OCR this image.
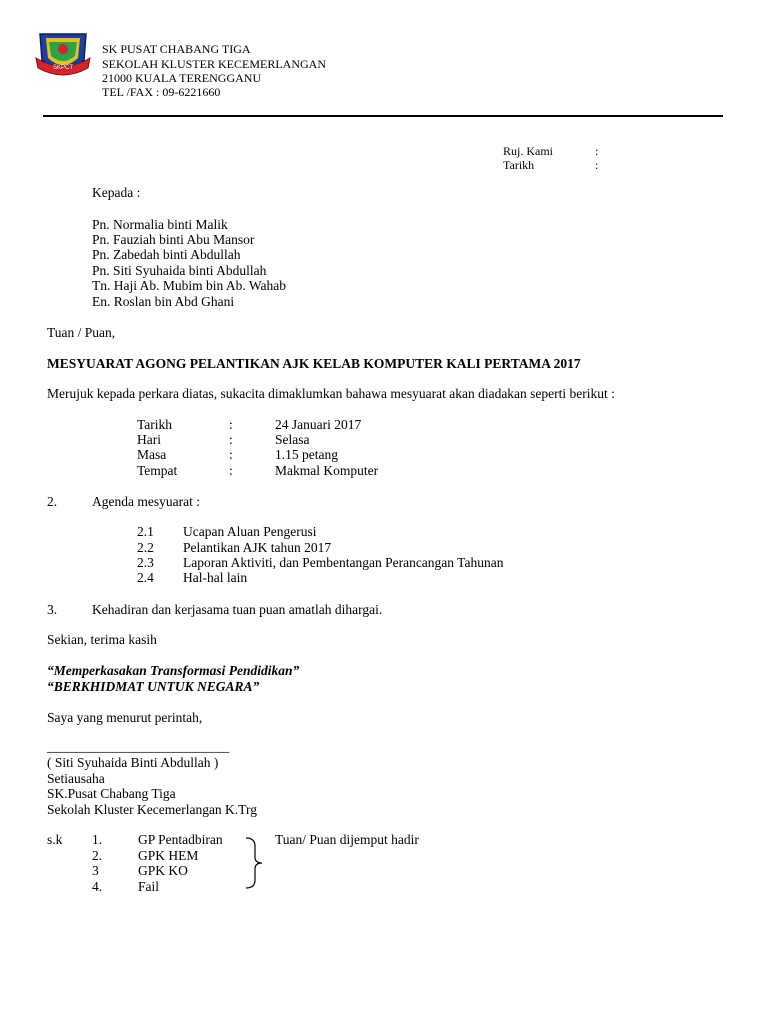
SKPCT
SK PUSAT CHABANG TIGA
SEKOLAH KLUSTER KECEMERLANGAN
21000 KUALA TERENGGANU
TEL /FAX : 09-6221660
Ruj. Kami	:
Tarikh	:
Kepada :
Pn. Normalia binti Malik
Pn. Fauziah binti Abu Mansor
Pn. Zabedah binti Abdullah
Pn. Siti Syuhaida binti Abdullah
Tn. Haji Ab. Mubim bin Ab. Wahab
En. Roslan bin Abd Ghani
Tuan / Puan,
MESYUARAT AGONG PELANTIKAN AJK KELAB KOMPUTER KALI PERTAMA 2017
Merujuk kepada perkara diatas, sukacita dimaklumkan bahawa mesyuarat akan diadakan seperti berikut :
Tarikh	:	24 Januari 2017
Hari	:	Selasa
Masa	:	1.15 petang
Tempat	:	Makmal Komputer
2.	Agenda mesyuarat :
2.1 Ucapan Aluan Pengerusi
2.2 Pelantikan AJK tahun 2017
2.3 Laporan Aktiviti, dan Pembentangan Perancangan Tahunan
2.4 Hal-hal lain
3.	Kehadiran dan kerjasama tuan puan amatlah dihargai.
Sekian, terima kasih
“Memperkasakan Transformasi Pendidikan”
“BERKHIDMAT UNTUK NEGARA”
Saya yang menurut perintah,
___________________________
( Siti Syuhaida Binti Abdullah )
Setiausaha
SK.Pusat Chabang Tiga
Sekolah Kluster Kecemerlangan K.Trg
s.k 1.	GP Pentadbiran
2.	GPK HEM
3	GPK KO
4.	Fail
Tuan/ Puan dijemput hadir
